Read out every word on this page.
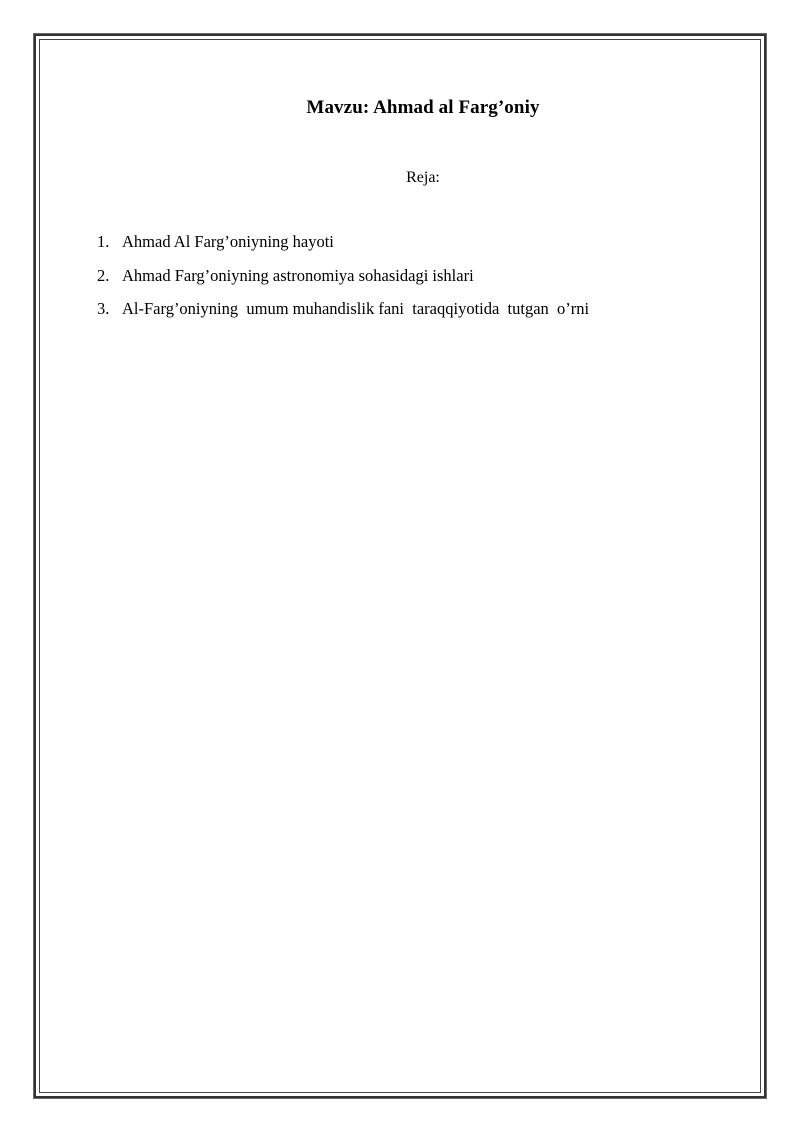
Mavzu: Ahmad al Farg’oniy
Reja:
1. Ahmad Al Farg’oniyning hayoti
2. Ahmad Farg’oniyning astronomiya sohasidagi ishlari
3. Al-Farg’oniyning  umum muhandislik fani  taraqqiyotida  tutgan  o’rni
